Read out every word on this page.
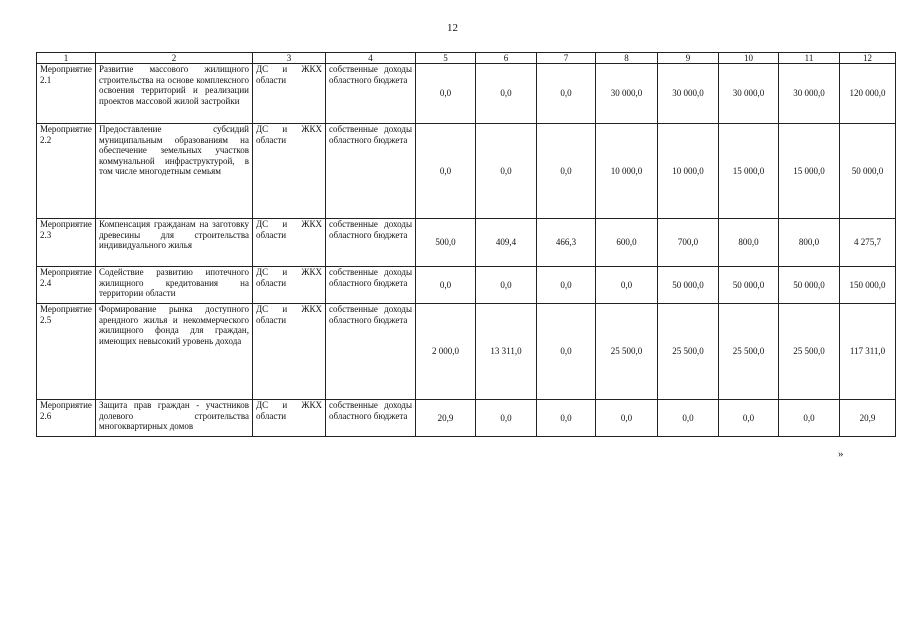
12
1	2	3	4	5	6	7	8	9	10	11	12
Мероприятие 2.1	Развитие массового жилищного строительства на основе комплексного освоения территорий и реализации проектов массовой жилой застройки	ДС и ЖКХ области	собственные доходы областного бюджета	0,0	0,0	0,0	30 000,0	30 000,0	30 000,0	30 000,0	120 000,0
Мероприятие 2.2	Предоставление субсидий муниципальным образованиям на обеспечение земельных участков коммунальной инфраструктурой, в том числе многодетным семьям	ДС и ЖКХ области	собственные доходы областного бюджета	0,0	0,0	0,0	10 000,0	10 000,0	15 000,0	15 000,0	50 000,0
Мероприятие 2.3	Компенсация гражданам на заготовку древесины для строительства индивидуального жилья	ДС и ЖКХ области	собственные доходы областного бюджета	500,0	409,4	466,3	600,0	700,0	800,0	800,0	4 275,7
Мероприятие 2.4	Содействие развитию ипотечного жилищного кредитования на территории области	ДС и ЖКХ области	собственные доходы областного бюджета	0,0	0,0	0,0	0,0	50 000,0	50 000,0	50 000,0	150 000,0
Мероприятие 2.5	Формирование рынка доступного арендного жилья и некоммерческого жилищного фонда для граждан, имеющих невысокий уровень дохода	ДС и ЖКХ области	собственные доходы областного бюджета	2 000,0	13 311,0	0,0	25 500,0	25 500,0	25 500,0	25 500,0	117 311,0
Мероприятие 2.6	Защита прав граждан - участников долевого строительства многоквартирных домов	ДС и ЖКХ области	собственные доходы областного бюджета	20,9	0,0	0,0	0,0	0,0	0,0	0,0	20,9
»
